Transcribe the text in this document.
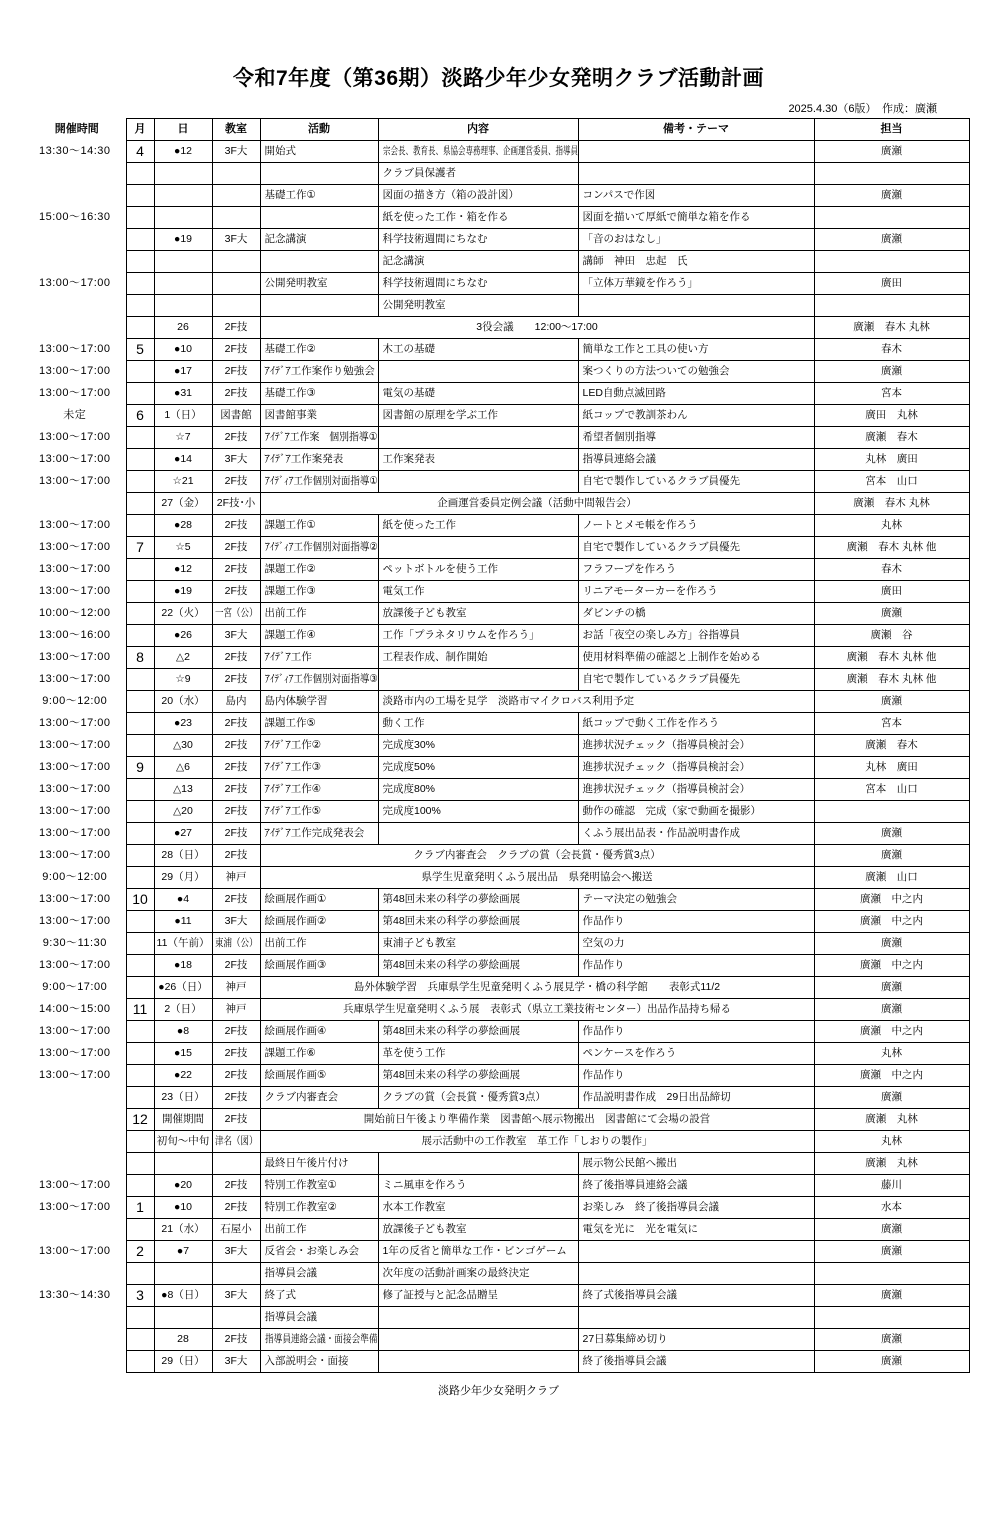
令和7年度（第36期）淡路少年少女発明クラブ活動計画
2025.4.30（6版）　作成：廣瀬
開催時間	月	日	教室	活動	内容	備考・テーマ	担当
13:30～14:30	4	●12	3F大	開始式	宗会長、教育長、県協会専務理事、企画運営委員、指導員		廣瀬
					クラブ員保護者		
				基礎工作①	図面の描き方（箱の設計図）	コンパスで作図	廣瀬
15:00～16:30					紙を使った工作・箱を作る	図面を描いて厚紙で簡単な箱を作る	
		●19	3F大	記念講演	科学技術週間にちなむ	「音のおはなし」	廣瀬
					記念講演	講師　神田　忠起　氏	
13:00～17:00				公開発明教室	科学技術週間にちなむ	「立体万華鏡を作ろう」	廣田
					公開発明教室		
		26	2F技	3役会議　　12:00～17:00			廣瀬　春木 丸林
13:00～17:00	5	●10	2F技	基礎工作②	木工の基礎	簡単な工作と工具の使い方	春木
13:00～17:00		●17	2F技	ｱｲﾃﾞｱ工作案作り勉強会		案つくりの方法ついての勉強会	廣瀬
13:00～17:00		●31	2F技	基礎工作③	電気の基礎	LED自動点滅回路	宮本
未定	6	1（日）	図書館	図書館事業	図書館の原理を学ぶ工作	紙コップで教訓茶わん	廣田　丸林
13:00～17:00		☆7	2F技	ｱｲﾃﾞｱ工作案　個別指導①		希望者個別指導	廣瀬　春木
13:00～17:00		●14	3F大	ｱｲﾃﾞｱ工作案発表	工作案発表	指導員連絡会議	丸林　廣田
13:00～17:00		☆21	2F技	ｱｲﾃﾞｨｱ工作個別対面指導①		自宅で製作しているクラブ員優先	宮本　山口
		27（金）	2F技･小	企画運営委員定例会議（活動中間報告会）			廣瀬　春木 丸林
13:00～17:00		●28	2F技	課題工作①	紙を使った工作	ノートとメモ帳を作ろう	丸林
13:00～17:00	7	☆5	2F技	ｱｲﾃﾞｨｱ工作個別対面指導②		自宅で製作しているクラブ員優先	廣瀬　春木 丸林 他
13:00～17:00		●12	2F技	課題工作②	ペットボトルを使う工作	フラフープを作ろう	春木
13:00～17:00		●19	2F技	課題工作③	電気工作	リニアモーターカーを作ろう	廣田
10:00～12:00		22（火）	一宮（公）	出前工作	放課後子ども教室	ダビンチの橋	廣瀬
13:00～16:00		●26	3F大	課題工作④	工作「プラネタリウムを作ろう」	お話「夜空の楽しみ方」谷指導員	廣瀬　谷
13:00～17:00	8	△2	2F技	ｱｲﾃﾞｱ工作	工程表作成、制作開始	使用材料準備の確認と上制作を始める	廣瀬　春木 丸林 他
13:00～17:00		☆9	2F技	ｱｲﾃﾞｨｱ工作個別対面指導③		自宅で製作しているクラブ員優先	廣瀬　春木 丸林 他
9:00～12:00		20（水）	島内	島内体験学習	淡路市内の工場を見学　淡路市マイクロバス利用予定		廣瀬
13:00～17:00		●23	2F技	課題工作⑤	動く工作	紙コップで動く工作を作ろう	宮本
13:00～17:00		△30	2F技	ｱｲﾃﾞｱ工作②	完成度30%	進捗状況チェック（指導員検討会）	廣瀬　春木
13:00～17:00	9	△6	2F技	ｱｲﾃﾞｱ工作③	完成度50%	進捗状況チェック（指導員検討会）	丸林　廣田
13:00～17:00		△13	2F技	ｱｲﾃﾞｱ工作④	完成度80%	進捗状況チェック（指導員検討会）	宮本　山口
13:00～17:00		△20	2F技	ｱｲﾃﾞｱ工作⑤	完成度100%	動作の確認　完成（家で動画を撮影）	
13:00～17:00		●27	2F技	ｱｲﾃﾞｱ工作完成発表会		くふう展出品表・作品説明書作成	廣瀬
13:00～17:00		28（日）	2F技	クラブ内審査会　クラブの賞（会長賞・優秀賞3点）			廣瀬
9:00～12:00		29（月）	神戸	県学生児童発明くふう展出品　県発明協会へ搬送			廣瀬　山口
13:00～17:00	10	●4	2F技	絵画展作画①	第48回未来の科学の夢絵画展	テーマ決定の勉強会	廣瀬　中之内
13:00～17:00		●11	3F大	絵画展作画②	第48回未来の科学の夢絵画展	作品作り	廣瀬　中之内
9:30～11:30		11（午前）	東浦（公）	出前工作	東浦子ども教室	空気の力	廣瀬
13:00～17:00		●18	2F技	絵画展作画③	第48回未来の科学の夢絵画展	作品作り	廣瀬　中之内
9:00～17:00		●26（日）	神戸	島外体験学習　兵庫県学生児童発明くふう展見学・橋の科学館　　表彰式11/2			廣瀬
14:00～15:00	11	2（日）	神戸	兵庫県学生児童発明くふう展　表彰式（県立工業技術センター）出品作品持ち帰る			廣瀬
13:00～17:00		●8	2F技	絵画展作画④	第48回未来の科学の夢絵画展	作品作り	廣瀬　中之内
13:00～17:00		●15	2F技	課題工作⑥	革を使う工作	ペンケースを作ろう	丸林
13:00～17:00		●22	2F技	絵画展作画⑤	第48回未来の科学の夢絵画展	作品作り	廣瀬　中之内
		23（日）	2F技	クラブ内審査会	クラブの賞（会長賞・優秀賞3点）	作品説明書作成　29日出品締切	廣瀬
	12	開催期間	2F技	開始前日午後より準備作業　図書館へ展示物搬出　図書館にて会場の設営			廣瀬　丸林
		初旬～中旬	津名（図）	展示活動中の工作教室　革工作「しおりの製作」			丸林
				最終日午後片付け		展示物公民館へ搬出	廣瀬　丸林
13:00～17:00		●20	2F技	特別工作教室①	ミニ風車を作ろう	終了後指導員連絡会議	藤川
13:00～17:00	1	●10	2F技	特別工作教室②	水本工作教室	お楽しみ　終了後指導員会議	水本
		21（水）	石屋小	出前工作	放課後子ども教室	電気を光に　光を電気に	廣瀬
13:00～17:00	2	●7	3F大	反省会・お楽しみ会	1年の反省と簡単な工作・ビンゴゲーム		廣瀬
				指導員会議	次年度の活動計画案の最終決定		
13:30～14:30	3	●8（日）	3F大	終了式	修了証授与と記念品贈呈	終了式後指導員会議	廣瀬
				指導員会議			
		28	2F技	指導員連絡会議・面接会準備		27日募集締め切り	廣瀬
		29（日）	3F大	入部説明会・面接		終了後指導員会議	廣瀬
淡路少年少女発明クラブ
